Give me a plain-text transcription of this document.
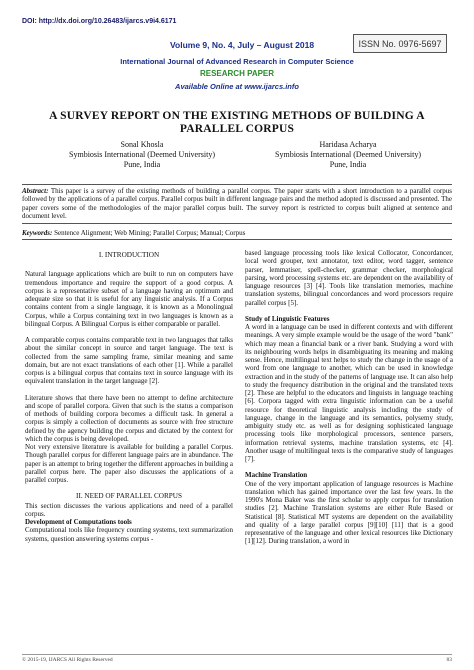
DOI: http://dx.doi.org/10.26483/ijarcs.v9i4.6171
Volume 9, No. 4, July – August 2018	ISSN No. 0976-5697
International Journal of Advanced Research in Computer Science
RESEARCH PAPER
Available Online at www.ijarcs.info
A SURVEY REPORT ON THE EXISTING METHODS OF BUILDING A
PARALLEL CORPUS
Sonal Khosla
Symbiosis International (Deemed University)
Pune, India
Haridasa Acharya
Symbiosis International (Deemed University)
Pune, India
Abstract: This paper is a survey of the existing methods of building a parallel corpus. The paper starts with a short introduction to a parallel corpus followed by the applications of a parallel corpus. Parallel corpus built in different language pairs and the method adopted is discussed and presented. The paper covers some of the methodologies of the major parallel corpus built. The survey report is restricted to corpus built aligned at sentence and document level.
Keywords: Sentence Alignment; Web Mining; Parallel Corpus; Manual; Corpus
I. INTRODUCTION

Natural language applications which are built to run on computers have tremendous importance and require the support of a good corpus. A corpus is a representative subset of a language having an optimum and adequate size so that it is useful for any linguistic analysis. If a Corpus contains content from a single language, it is known as a Monolingual Corpus, while a Corpus containing text in two languages is known as a bilingual Corpus. A Bilingual Corpus is either comparable or parallel.

A comparable corpus contains comparable text in two languages that talks about the similar concept in source and target language. The text is collected from the same sampling frame, similar meaning and same domain, but are not exact translations of each other [1]. While a parallel corpus is a bilingual corpus that contains text in source language with its equivalent translation in the target language [2].

Literature shows that there have been no attempt to define architecture and scope of parallel corpora. Given that such is the status a comparison of methods of building corpora becomes a difficult task. In general a corpus is simply a collection of documents as source with free structure defined by the agency building the corpus and dictated by the context for which the corpus is being developed.

Not very extensive literature is available for building a parallel Corpus. Though parallel corpus for different language pairs are in abundance. The paper is an attempt to bring together the different approaches in building a parallel corpus here. The paper also discusses the applications of a parallel corpus.

II. NEED OF PARALLEL CORPUS

This section discusses the various applications and need of a parallel corpus.

Development of Computations tools

Computational tools like frequency counting systems, text summarization systems, question answering systems corpus -

based language processing tools like lexical Collocator, Concordancer, local word grouper, text annotator, text editor, word tagger, sentence parser, lemmatiser, spell-checker, grammar checker, morphological parsing, word processing systems etc. are dependent on the availability of language resources [3] [4]. Tools like translation memories, machine translation systems, bilingual concordances and word processors require parallel corpus [5].

Study of Linguistic Features

A word in a language can be used in different contexts and with different meanings. A very simple example would be the usage of the word "bank" which may mean a financial bank or a river bank. Studying a word with its neighbouring words helps in disambiguating its meaning and making sense. Hence, multilingual text helps to study the change in the usage of a word from one language to another, which can be used in knowledge extraction and in the study of the patterns of language use. It can also help to study the frequency distribution in the original and the translated texts [2]. These are helpful to the educators and linguists in language teaching [6]. Corpora tagged with extra linguistic information can be a useful resource for theoretical linguistic analysis including the study of language, change in the language and its semantics, polysemy study, ambiguity study etc. as well as for designing sophisticated language processing tools like morphological processors, sentence parsers, information retrieval systems, machine translation systems, etc [4]. Another usage of multilingual texts is the comparative study of languages [7].

Machine Translation

One of the very important application of language resources is Machine translation which has gained importance over the last few years. In the 1990's Mona Baker was the first scholar to apply corpus for translation studies [2]. Machine Translation systems are either Rule Based or Statistical [8]. Statistical MT systems are dependent on the availability and quality of a large parallel corpus [9][10] [11] that is a good representative of the language and other lexical resources like Dictionary [1][12]. During translation, a word in

© 2015-19, IJARCS All Rights Reserved	83
